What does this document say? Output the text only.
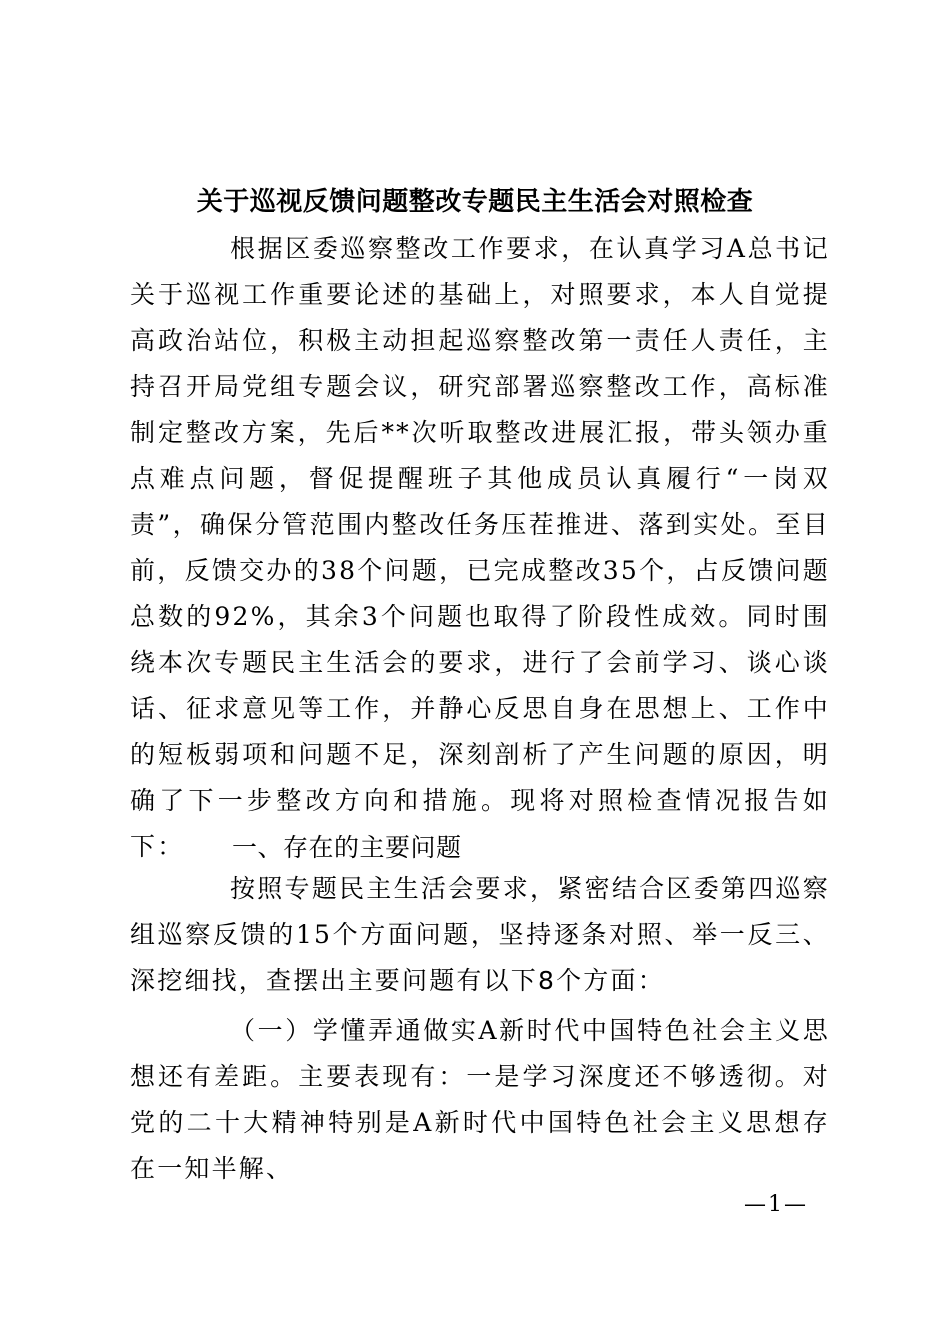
关于巡视反馈问题整改专题民主生活会对照检查
根据区委巡察整改工作要求，在认真学习A总书记关于巡视工作重要论述的基础上，对照要求，本人自觉提高政治站位，积极主动担起巡察整改第一责任人责任，主持召开局党组专题会议，研究部署巡察整改工作，高标准制定整改方案，先后**次听取整改进展汇报，带头领办重点难点问题，督促提醒班子其他成员认真履行“一岗双责”，确保分管范围内整改任务压茬推进、落到实处。至目前，反馈交办的38个问题，已完成整改35个，占反馈问题总数的92%，其余3个问题也取得了阶段性成效。同时围绕本次专题民主生活会的要求，进行了会前学习、谈心谈话、征求意见等工作，并静心反思自身在思想上、工作中的短板弱项和问题不足，深刻剖析了产生问题的原因，明确了下一步整改方向和措施。现将对照检查情况报告如下：	一、存在的主要问题
按照专题民主生活会要求，紧密结合区委第四巡察组巡察反馈的15个方面问题，坚持逐条对照、举一反三、深挖细找，查摆出主要问题有以下8个方面：
（一）学懂弄通做实A新时代中国特色社会主义思想还有差距。主要表现有：一是学习深度还不够透彻。对党的二十大精神特别是A新时代中国特色社会主义思想存在一知半解、
—1—
